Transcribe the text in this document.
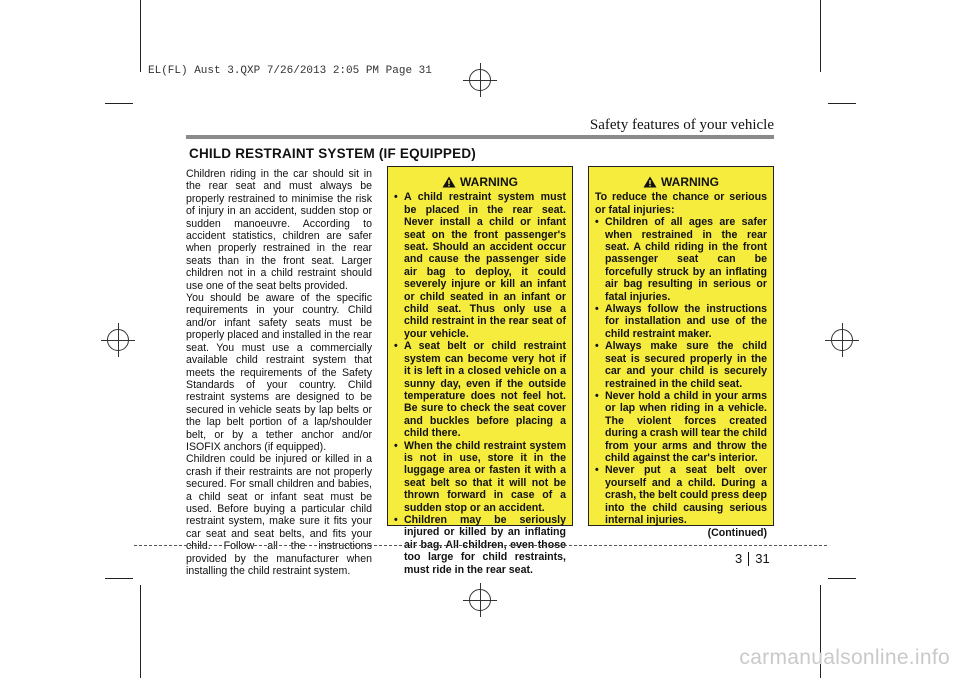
EL(FL) Aust 3.QXP 7/26/2013 2:05 PM Page 31
Safety features of your vehicle
CHILD RESTRAINT SYSTEM (IF EQUIPPED)

Children riding in the car should sit in the rear seat and must always be properly restrained to minimise the risk of injury in an accident, sudden stop or sudden manoeuvre. According to accident statistics, children are safer when properly restrained in the rear seats than in the front seat. Larger children not in a child restraint should use one of the seat belts provided.

You should be aware of the specific requirements in your country. Child and/or infant safety seats must be properly placed and installed in the rear seat. You must use a commercially available child restraint system that meets the requirements of the Safety Standards of your country. Child restraint systems are designed to be secured in vehicle seats by lap belts or the lap belt portion of a lap/shoulder belt, or by a tether anchor and/or ISOFIX anchors (if equipped).

Children could be injured or killed in a crash if their restraints are not properly secured. For small children and babies, a child seat or infant seat must be used. Before buying a particular child restraint system, make sure it fits your car seat and seat belts, and fits your child. Follow all the instructions provided by the manufacturer when installing the child restraint system.

WARNING
• A child restraint system must be placed in the rear seat. Never install a child or infant seat on the front passenger's seat. Should an accident occur and cause the passenger side air bag to deploy, it could severely injure or kill an infant or child seated in an infant or child seat. Thus only use a child restraint in the rear seat of your vehicle.
• A seat belt or child restraint system can become very hot if it is left in a closed vehicle on a sunny day, even if the outside temperature does not feel hot. Be sure to check the seat cover and buckles before placing a child there.
• When the child restraint system is not in use, store it in the luggage area or fasten it with a seat belt so that it will not be thrown forward in case of a sudden stop or an accident.
• Children may be seriously injured or killed by an inflating air bag. All children, even those too large for child restraints, must ride in the rear seat.
WARNING

To reduce the chance or serious or fatal injuries:

• Children of all ages are safer when restrained in the rear seat. A child riding in the front passenger seat can be forcefully struck by an inflating air bag resulting in serious or fatal injuries.
• Always follow the instructions for installation and use of the child restraint maker.
• Always make sure the child seat is secured properly in the car and your child is securely restrained in the child seat.
• Never hold a child in your arms or lap when riding in a vehicle. The violent forces created during a crash will tear the child from your arms and throw the child against the car's interior.
• Never put a seat belt over yourself and a child. During a crash, the belt could press deep into the child causing serious internal injuries.
(Continued)
3 31
carmanualsonline.info
